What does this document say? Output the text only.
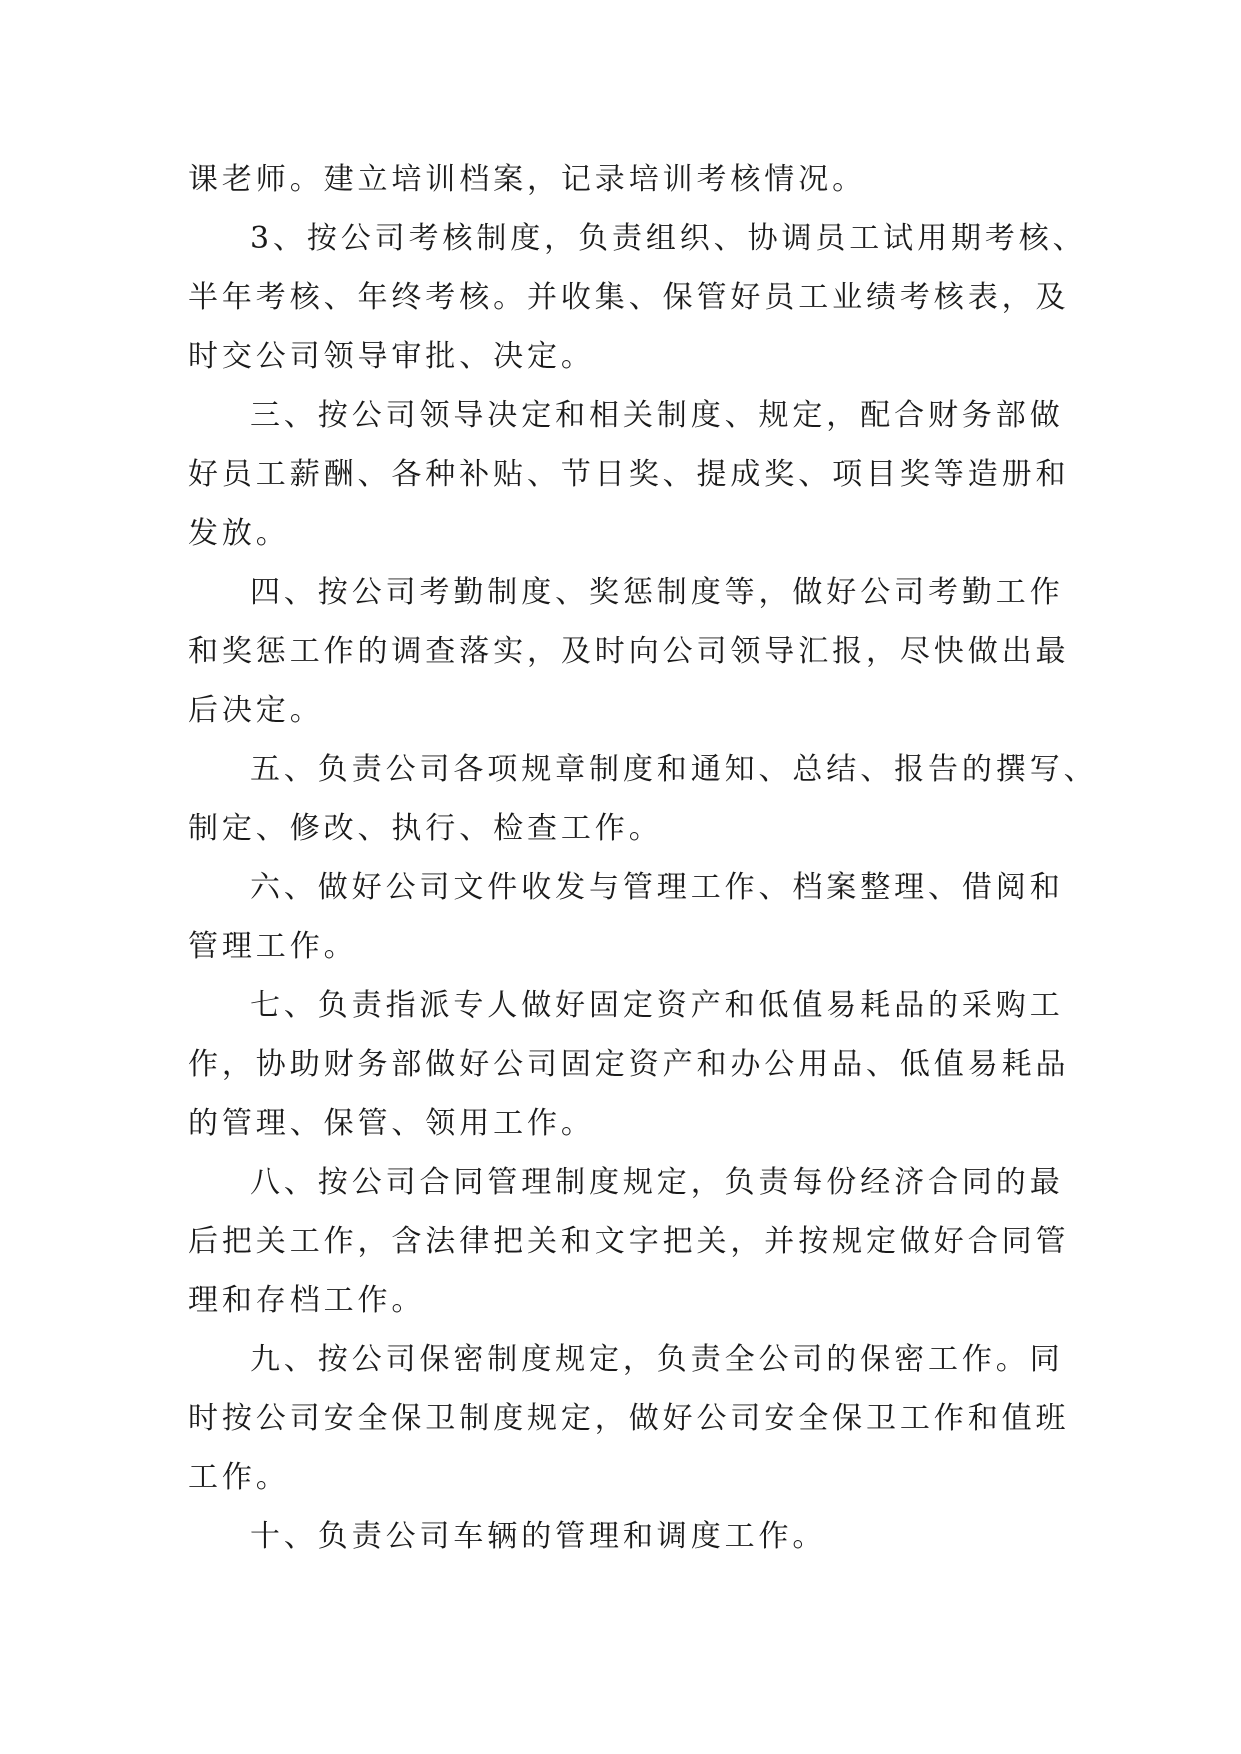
课老师。建立培训档案，记录培训考核情况。

3、按公司考核制度，负责组织、协调员工试用期考核、

半年考核、年终考核。并收集、保管好员工业绩考核表，及

时交公司领导审批、决定。

三、按公司领导决定和相关制度、规定，配合财务部做

好员工薪酬、各种补贴、节日奖、提成奖、项目奖等造册和

发放。

四、按公司考勤制度、奖惩制度等，做好公司考勤工作

和奖惩工作的调查落实，及时向公司领导汇报，尽快做出最

后决定。

五、负责公司各项规章制度和通知、总结、报告的撰写、

制定、修改、执行、检查工作。

六、做好公司文件收发与管理工作、档案整理、借阅和

管理工作。

七、负责指派专人做好固定资产和低值易耗品的采购工

作，协助财务部做好公司固定资产和办公用品、低值易耗品

的管理、保管、领用工作。

八、按公司合同管理制度规定，负责每份经济合同的最

后把关工作，含法律把关和文字把关，并按规定做好合同管

理和存档工作。

九、按公司保密制度规定，负责全公司的保密工作。同

时按公司安全保卫制度规定，做好公司安全保卫工作和值班

工作。

十、负责公司车辆的管理和调度工作。
